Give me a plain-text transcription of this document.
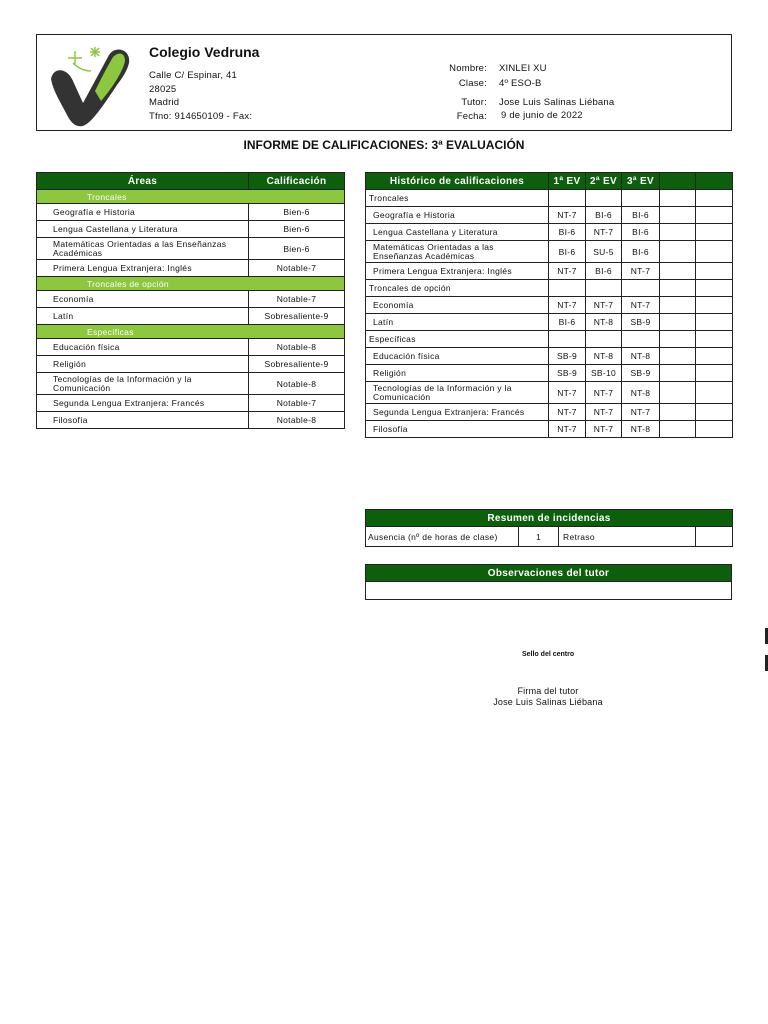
Colegio Vedruna
Calle C/ Espinar, 41
28025
Madrid
Tfno: 914650109 - Fax:
Nombre: XINLEI XU
Clase: 4º ESO-B
Tutor: Jose Luis Salinas Liébana
Fecha: 9 de junio de 2022
INFORME DE CALIFICACIONES: 3ª EVALUACIÓN
Áreas	Calificación
Troncales	
Geografía e Historia	Bien-6
Lengua Castellana y Literatura	Bien-6
Matemáticas Orientadas a las Enseñanzas Académicas	Bien-6
Primera Lengua Extranjera: Inglés	Notable-7
Troncales de opción	
Economía	Notable-7
Latín	Sobresaliente-9
Específicas	
Educación física	Notable-8
Religión	Sobresaliente-9
Tecnologías de la Información y la Comunicación	Notable-8
Segunda Lengua Extranjera: Francés	Notable-7
Filosofía	Notable-8
Histórico de calificaciones	1ª EV	2ª EV	3ª EV		
Troncales					
Geografía e Historia	NT-7	BI-6	BI-6		
Lengua Castellana y Literatura	BI-6	NT-7	BI-6		
Matemáticas Orientadas a las Enseñanzas Académicas	BI-6	SU-5	BI-6		
Primera Lengua Extranjera: Inglés	NT-7	BI-6	NT-7		
Troncales de opción					
Economía	NT-7	NT-7	NT-7		
Latín	BI-6	NT-8	SB-9		
Específicas					
Educación física	SB-9	NT-8	NT-8		
Religión	SB-9	SB-10	SB-9		
Tecnologías de la Información y la Comunicación	NT-7	NT-7	NT-8		
Segunda Lengua Extranjera: Francés	NT-7	NT-7	NT-7		
Filosofía	NT-7	NT-7	NT-8		
Resumen de incidencias
Ausencia (nº de horas de clase)	1	Retraso	
Observaciones del tutor

Sello del centro
Firma del tutor
Jose Luis Salinas Liébana
